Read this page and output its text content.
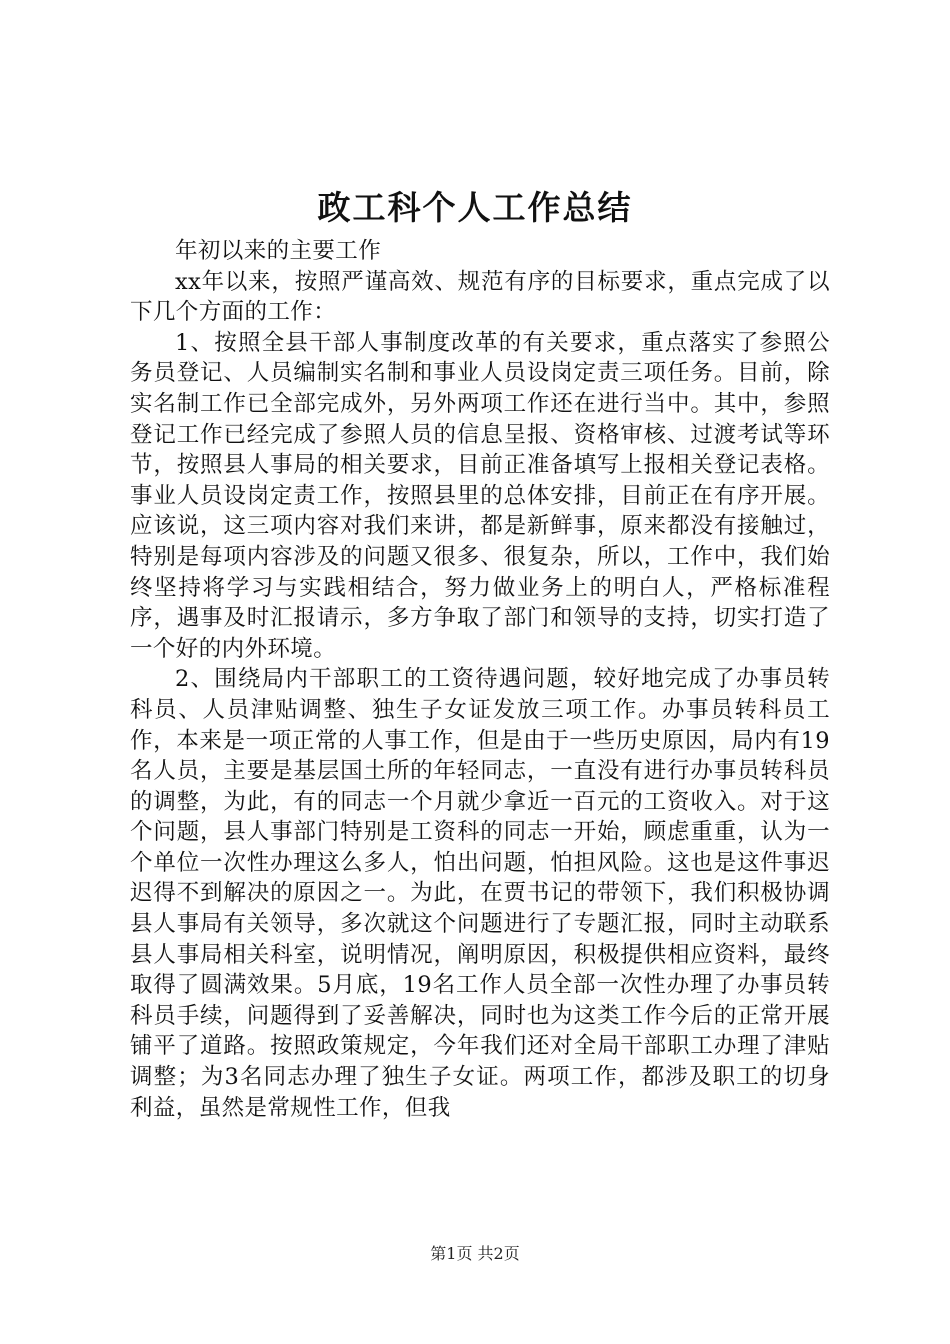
政工科个人工作总结

年初以来的主要工作

xx年以来，按照严谨高效、规范有序的目标要求，重点完成了以下几个方面的工作：

1、按照全县干部人事制度改革的有关要求，重点落实了参照公务员登记、人员编制实名制和事业人员设岗定责三项任务。目前，除实名制工作已全部完成外，另外两项工作还在进行当中。其中，参照登记工作已经完成了参照人员的信息呈报、资格审核、过渡考试等环节，按照县人事局的相关要求，目前正准备填写上报相关登记表格。事业人员设岗定责工作，按照县里的总体安排，目前正在有序开展。应该说，这三项内容对我们来讲，都是新鲜事，原来都没有接触过，特别是每项内容涉及的问题又很多、很复杂，所以，工作中，我们始终坚持将学习与实践相结合，努力做业务上的明白人，严格标准程序，遇事及时汇报请示，多方争取了部门和领导的支持，切实打造了一个好的内外环境。

2、围绕局内干部职工的工资待遇问题，较好地完成了办事员转科员、人员津贴调整、独生子女证发放三项工作。办事员转科员工作，本来是一项正常的人事工作，但是由于一些历史原因，局内有19名人员，主要是基层国土所的年轻同志，一直没有进行办事员转科员的调整，为此，有的同志一个月就少拿近一百元的工资收入。对于这个问题，县人事部门特别是工资科的同志一开始，顾虑重重，认为一个单位一次性办理这么多人，怕出问题，怕担风险。这也是这件事迟迟得不到解决的原因之一。为此，在贾书记的带领下，我们积极协调县人事局有关领导，多次就这个问题进行了专题汇报，同时主动联系县人事局相关科室，说明情况，阐明原因，积极提供相应资料，最终取得了圆满效果。5月底，19名工作人员全部一次性办理了办事员转科员手续，问题得到了妥善解决，同时也为这类工作今后的正常开展铺平了道路。按照政策规定，今年我们还对全局干部职工办理了津贴调整；为3名同志办理了独生子女证。两项工作，都涉及职工的切身利益，虽然是常规性工作，但我

第1页 共2页
